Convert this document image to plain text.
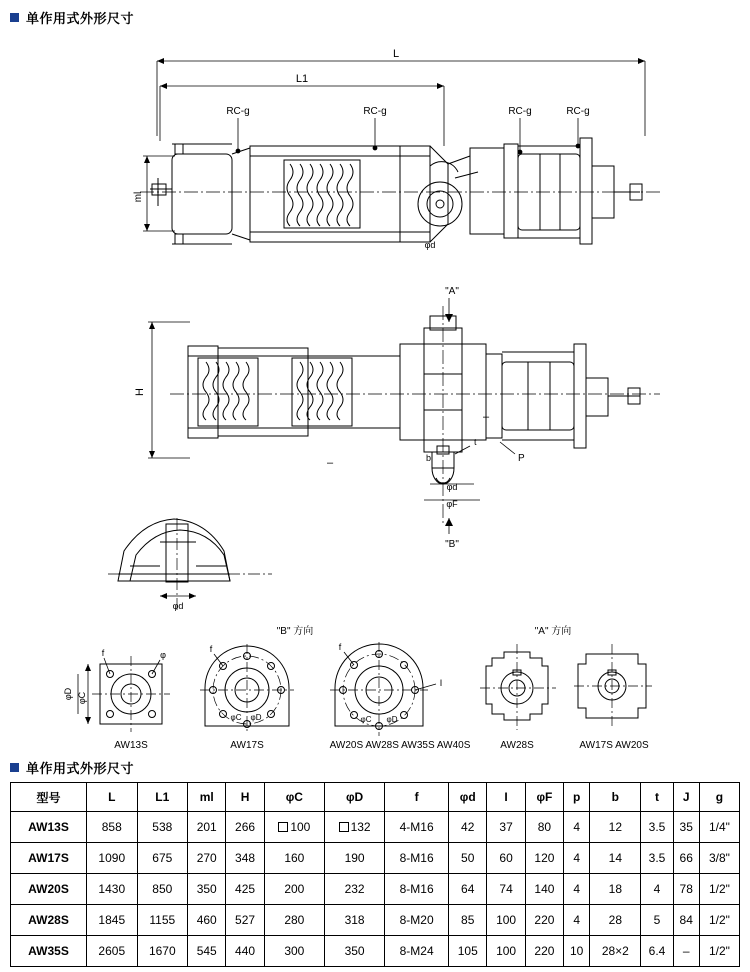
单作用式外形尺寸
L
L1
ml
RC-g	RC-g	RC-g	RC-g
φd
H
"A"
b
t
φd
φF
P
–
–
"B"
φd
"B" 方向	"A" 方向
f	φ
φD φC
AW13S
f
φC φD
AW17S
f
I
φC φD
AW20S AW28S AW35S AW40S	AW28S	AW17S AW20S
单作用式外形尺寸
型号	L	L1	ml	H	φC	φD	f	φd	I	φF	p	b	t	J	g
AW13S	858	538	201	266	100	132	4-M16	42	37	80	4	12	3.5	35	1/4"
AW17S	1090	675	270	348	160	190	8-M16	50	60	120	4	14	3.5	66	3/8"
AW20S	1430	850	350	425	200	232	8-M16	64	74	140	4	18	4	78	1/2"
AW28S	1845	1155	460	527	280	318	8-M20	85	100	220	4	28	5	84	1/2"
AW35S	2605	1670	545	440	300	350	8-M24	105	100	220	10	28×2	6.4	–	1/2"
